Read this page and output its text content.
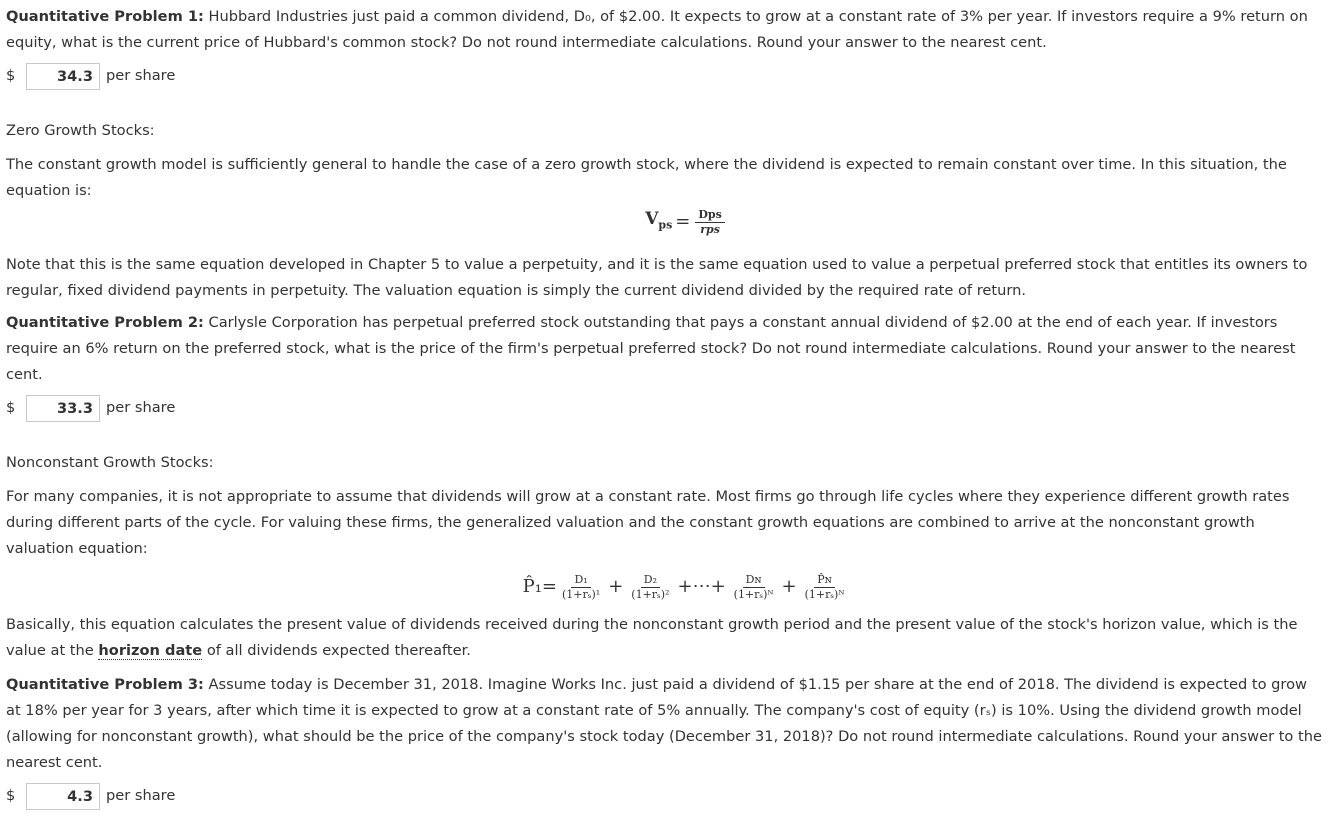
Quantitative Problem 1: Hubbard Industries just paid a common dividend, D₀, of $2.00. It expects to grow at a constant rate of 3% per year. If investors require a 9% return on equity, what is the current price of Hubbard's common stock? Do not round intermediate calculations. Round your answer to the nearest cent.

$
34.3	per share

Zero Growth Stocks:

The constant growth model is sufficiently general to handle the case of a zero growth stock, where the dividend is expected to remain constant over time. In this situation, the equation is:

$V_{ps} = \frac{\text{Dps}}{\text{rps}}$

Note that this is the same equation developed in Chapter 5 to value a perpetuity, and it is the same equation used to value a perpetual preferred stock that entitles its owners to regular, fixed dividend payments in perpetuity. The valuation equation is simply the current dividend divided by the required rate of return.

Quantitative Problem 2: Carlysle Corporation has perpetual preferred stock outstanding that pays a constant annual dividend of $2.00 at the end of each year. If investors require an 6% return on the preferred stock, what is the price of the firm's perpetual preferred stock? Do not round intermediate calculations. Round your answer to the nearest cent.

$
33.3	per share

Nonconstant Growth Stocks:

For many companies, it is not appropriate to assume that dividends will grow at a constant rate. Most firms go through life cycles where they experience different growth rates during different parts of the cycle. For valuing these firms, the generalized valuation and the constant growth equations are combined to arrive at the nonconstant growth valuation equation:

P̂₁= $\frac{\text{D₁}}{\text{(1+rₛ)¹}} + \frac{\text{D₂}}{\text{(1+rₛ)²}}$ +⋯+ $\frac{\text{Dɴ}}{\text{(1+rₛ)ᴺ}} + \frac{\text{P̂ɴ}}{\text{(1+rₛ)ᴺ}}$

Basically, this equation calculates the present value of dividends received during the nonconstant growth period and the present value of the stock's horizon value, which is the value at the horizon date of all dividends expected thereafter.

Quantitative Problem 3: Assume today is December 31, 2018. Imagine Works Inc. just paid a dividend of $1.15 per share at the end of 2018. The dividend is expected to grow at 18% per year for 3 years, after which time it is expected to grow at a constant rate of 5% annually. The company's cost of equity (rₛ) is 10%. Using the dividend growth model (allowing for nonconstant growth), what should be the price of the company's stock today (December 31, 2018)? Do not round intermediate calculations. Round your answer to the nearest cent.

$
4.3	per share
